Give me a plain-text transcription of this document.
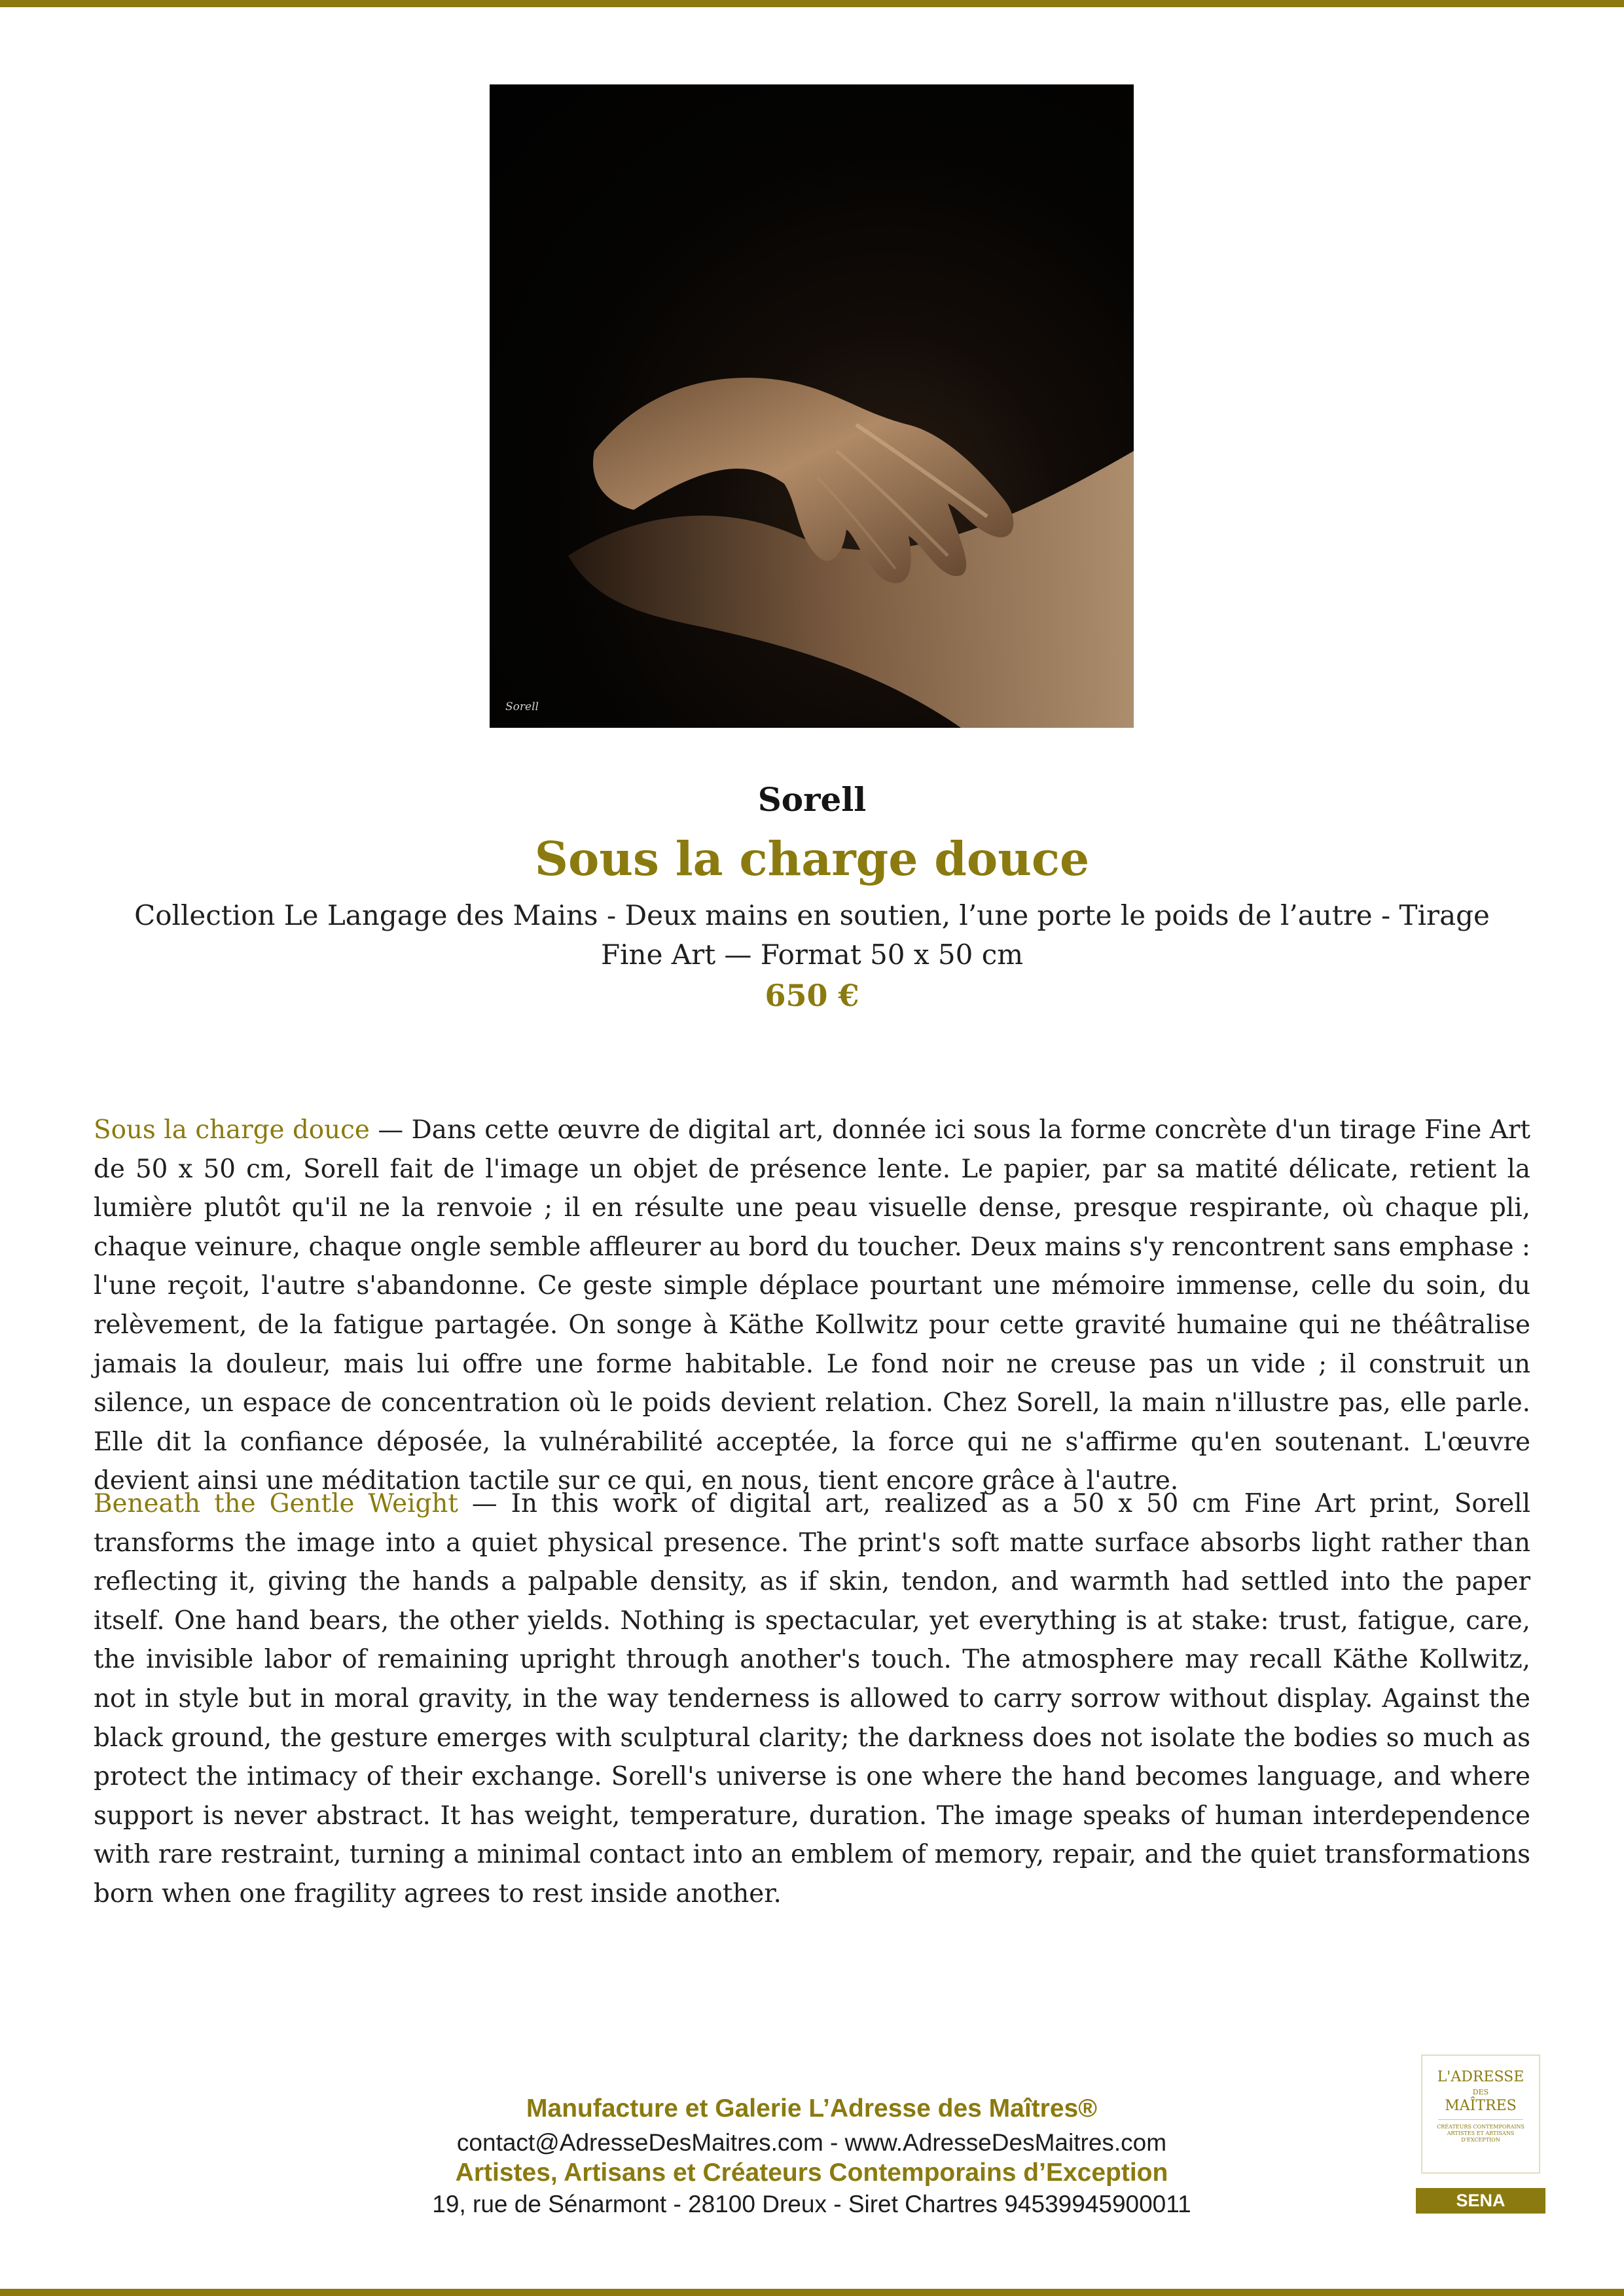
Sorell
Sorell
Sous la charge douce
Collection Le Langage des Mains - Deux mains en soutien, l’une porte le poids de l’autre - Tirage Fine Art — Format 50 x 50 cm
650 €
Sous la charge douce — Dans cette œuvre de digital art, donnée ici sous la forme concrète d'un tirage Fine Art de 50 x 50 cm, Sorell fait de l'image un objet de présence lente. Le papier, par sa matité délicate, retient la lumière plutôt qu'il ne la renvoie ; il en résulte une peau visuelle dense, presque respirante, où chaque pli, chaque veinure, chaque ongle semble affleurer au bord du toucher. Deux mains s'y rencontrent sans emphase : l'une reçoit, l'autre s'abandonne. Ce geste simple déplace pourtant une mémoire immense, celle du soin, du relèvement, de la fatigue partagée. On songe à Käthe Kollwitz pour cette gravité humaine qui ne théâtralise jamais la douleur, mais lui offre une forme habitable. Le fond noir ne creuse pas un vide ; il construit un silence, un espace de concentration où le poids devient relation. Chez Sorell, la main n'illustre pas, elle parle. Elle dit la confiance déposée, la vulnérabilité acceptée, la force qui ne s'affirme qu'en soutenant. L'œuvre devient ainsi une méditation tactile sur ce qui, en nous, tient encore grâce à l'autre.
Beneath the Gentle Weight — In this work of digital art, realized as a 50 x 50 cm Fine Art print, Sorell transforms the image into a quiet physical presence. The print's soft matte surface absorbs light rather than reflecting it, giving the hands a palpable density, as if skin, tendon, and warmth had settled into the paper itself. One hand bears, the other yields. Nothing is spectacular, yet everything is at stake: trust, fatigue, care, the invisible labor of remaining upright through another's touch. The atmosphere may recall Käthe Kollwitz, not in style but in moral gravity, in the way tenderness is allowed to carry sorrow without display. Against the black ground, the gesture emerges with sculptural clarity; the darkness does not isolate the bodies so much as protect the intimacy of their exchange. Sorell's universe is one where the hand becomes language, and where support is never abstract. It has weight, temperature, duration. The image speaks of human interdependence with rare restraint, turning a minimal contact into an emblem of memory, repair, and the quiet transformations born when one fragility agrees to rest inside another.
Manufacture et Galerie L’Adresse des Maîtres®
contact@AdresseDesMaitres.com - www.AdresseDesMaitres.com
Artistes, Artisans et Créateurs Contemporains d’Exception
19, rue de Sénarmont - 28100 Dreux - Siret Chartres 94539945900011
L'ADRESSE
DES
MAÎTRES
CRÉATEURS CONTEMPORAINS ARTISTES ET ARTISANS D'EXCEPTION
SENA
